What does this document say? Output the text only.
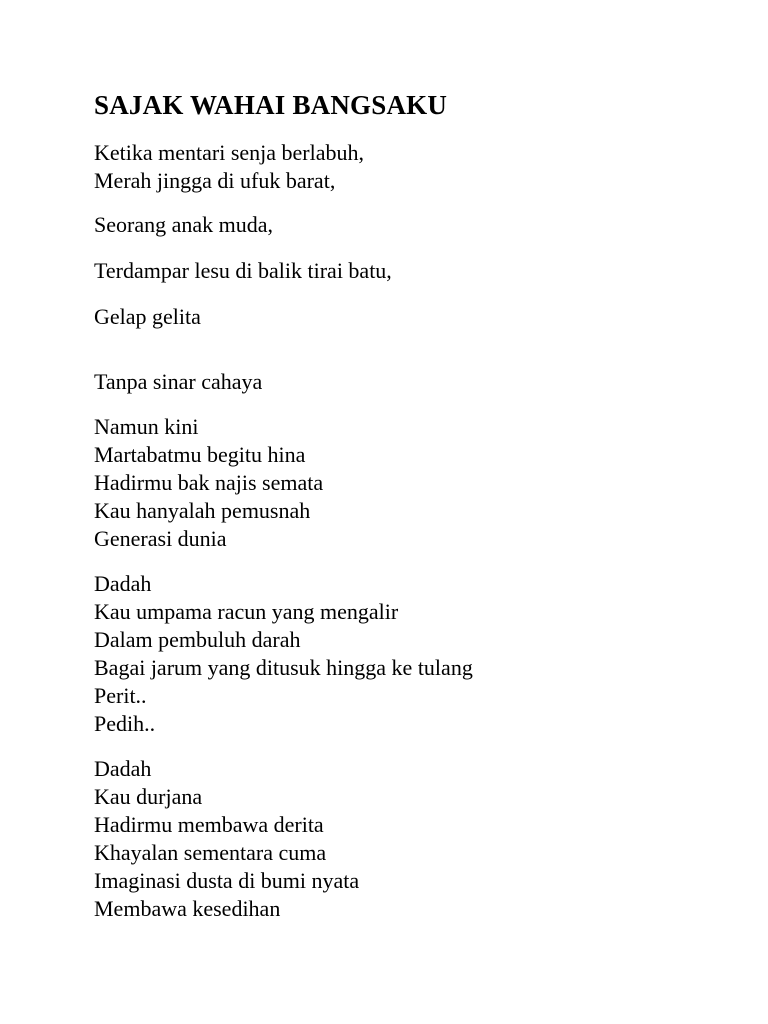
SAJAK WAHAI BANGSAKU

Ketika mentari senja berlabuh,
Merah jingga di ufuk barat,

Seorang anak muda,

Terdampar lesu di balik tirai batu,

Gelap gelita

Tanpa sinar cahaya

Namun kini
Martabatmu begitu hina
Hadirmu bak najis semata
Kau hanyalah pemusnah
Generasi dunia

Dadah
Kau umpama racun yang mengalir
Dalam pembuluh darah
Bagai jarum yang ditusuk hingga ke tulang
Perit..
Pedih..

Dadah
Kau durjana
Hadirmu membawa derita
Khayalan sementara cuma
Imaginasi dusta di bumi nyata
Membawa kesedihan
